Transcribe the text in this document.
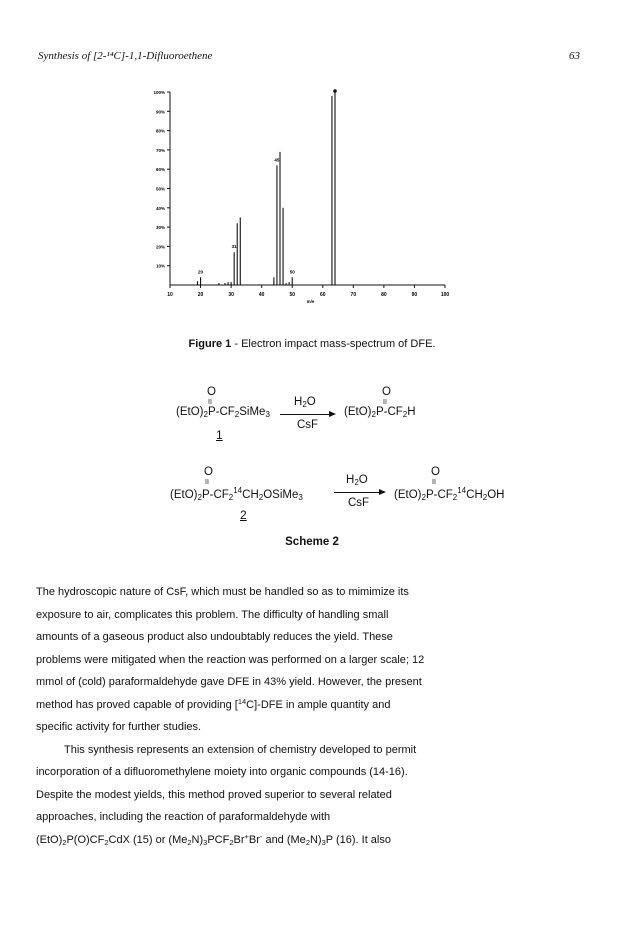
Synthesis of [2-¹⁴C]-1,1-Difluoroethene	63
10%
20%
30%
40%
50%
60%
70%
80%
90%
100%
10	20	30	40	50	60	70	80	90	100
20
31
45
50
m/e
Figure 1 - Electron impact mass-spectrum of DFE.
O
II
$(EtO)_2P-CF_2SiMe_3$
$H_2O$
CsF
O
II
$(EtO)_2P-CF_2H$
1
O
II
$(EtO)_2P-CF_2^{14}CH_2OSiMe_3$
$H_2O$
CsF
O
II
$(EtO)_2P-CF_2^{14}CH_2OH$
2
Scheme 2

The hydroscopic nature of CsF, which must be handled so as to mimimize its
exposure to air, complicates this problem. The difficulty of handling small
amounts of a gaseous product also undoubtably reduces the yield. These
problems were mitigated when the reaction was performed on a larger scale; 12
mmol of (cold) paraformaldehyde gave DFE in 43% yield. However, the present
method has proved capable of providing [$^{14}$C]-DFE in ample quantity and
specific activity for further studies.

This synthesis represents an extension of chemistry developed to permit
incorporation of a difluoromethylene moiety into organic compounds (14-16).
Despite the modest yields, this method proved superior to several related
approaches, including the reaction of paraformaldehyde with
$(EtO)_2P(O)CF_2CdX$ (15) or $(Me_2N)_3PCF_2Br^+Br^-$ and $(Me_2N)_3P$ (16). It also
